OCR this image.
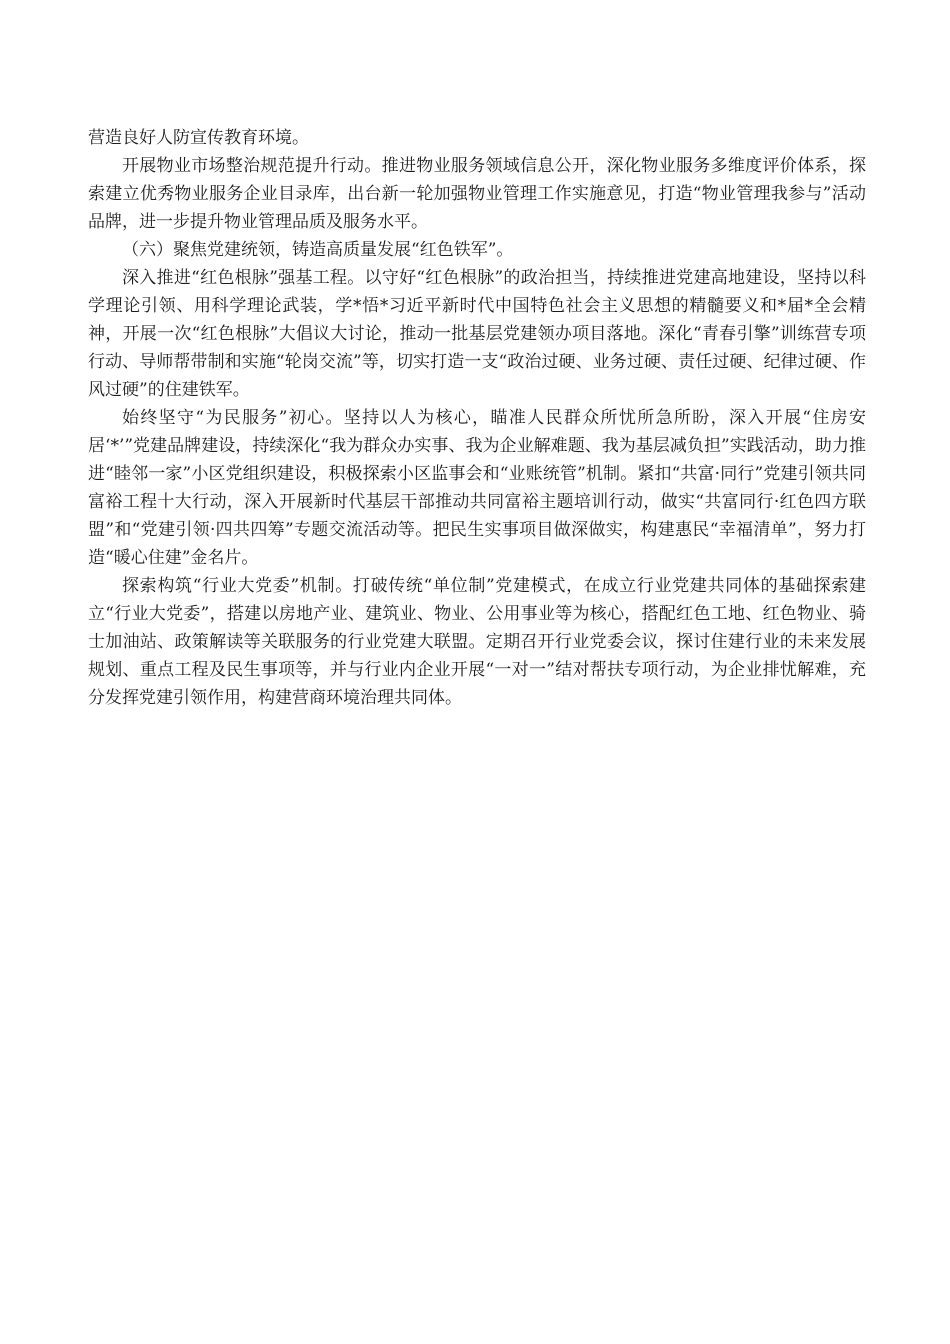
营造良好人防宣传教育环境。

开展物业市场整治规范提升行动。推进物业服务领域信息公开，深化物业服务多维度评价体系，探索建立优秀物业服务企业目录库，出台新一轮加强物业管理工作实施意见，打造“物业管理我参与”活动品牌，进一步提升物业管理品质及服务水平。

（六）聚焦党建统领，铸造高质量发展“红色铁军”。

深入推进“红色根脉”强基工程。以守好“红色根脉”的政治担当，持续推进党建高地建设，坚持以科学理论引领、用科学理论武装，学*悟*习近平新时代中国特色社会主义思想的精髓要义和*届*全会精神，开展一次“红色根脉”大倡议大讨论，推动一批基层党建领办项目落地。深化“青春引擎”训练营专项行动、导师帮带制和实施“轮岗交流”等，切实打造一支“政治过硬、业务过硬、责任过硬、纪律过硬、作风过硬”的住建铁军。

始终坚守“为民服务”初心。坚持以人为核心，瞄准人民群众所忧所急所盼，深入开展“住房安居‘*’”党建品牌建设，持续深化“我为群众办实事、我为企业解难题、我为基层减负担”实践活动，助力推进“睦邻一家”小区党组织建设，积极探索小区监事会和“业账统管”机制。紧扣“共富·同行”党建引领共同富裕工程十大行动，深入开展新时代基层干部推动共同富裕主题培训行动，做实“共富同行·红色四方联盟”和“党建引领·四共四筹”专题交流活动等。把民生实事项目做深做实，构建惠民“幸福清单”，努力打造“暖心住建”金名片。

探索构筑“行业大党委”机制。打破传统“单位制”党建模式，在成立行业党建共同体的基础探索建立“行业大党委”，搭建以房地产业、建筑业、物业、公用事业等为核心，搭配红色工地、红色物业、骑士加油站、政策解读等关联服务的行业党建大联盟。定期召开行业党委会议，探讨住建行业的未来发展规划、重点工程及民生事项等，并与行业内企业开展“一对一”结对帮扶专项行动，为企业排忧解难，充分发挥党建引领作用，构建营商环境治理共同体。
